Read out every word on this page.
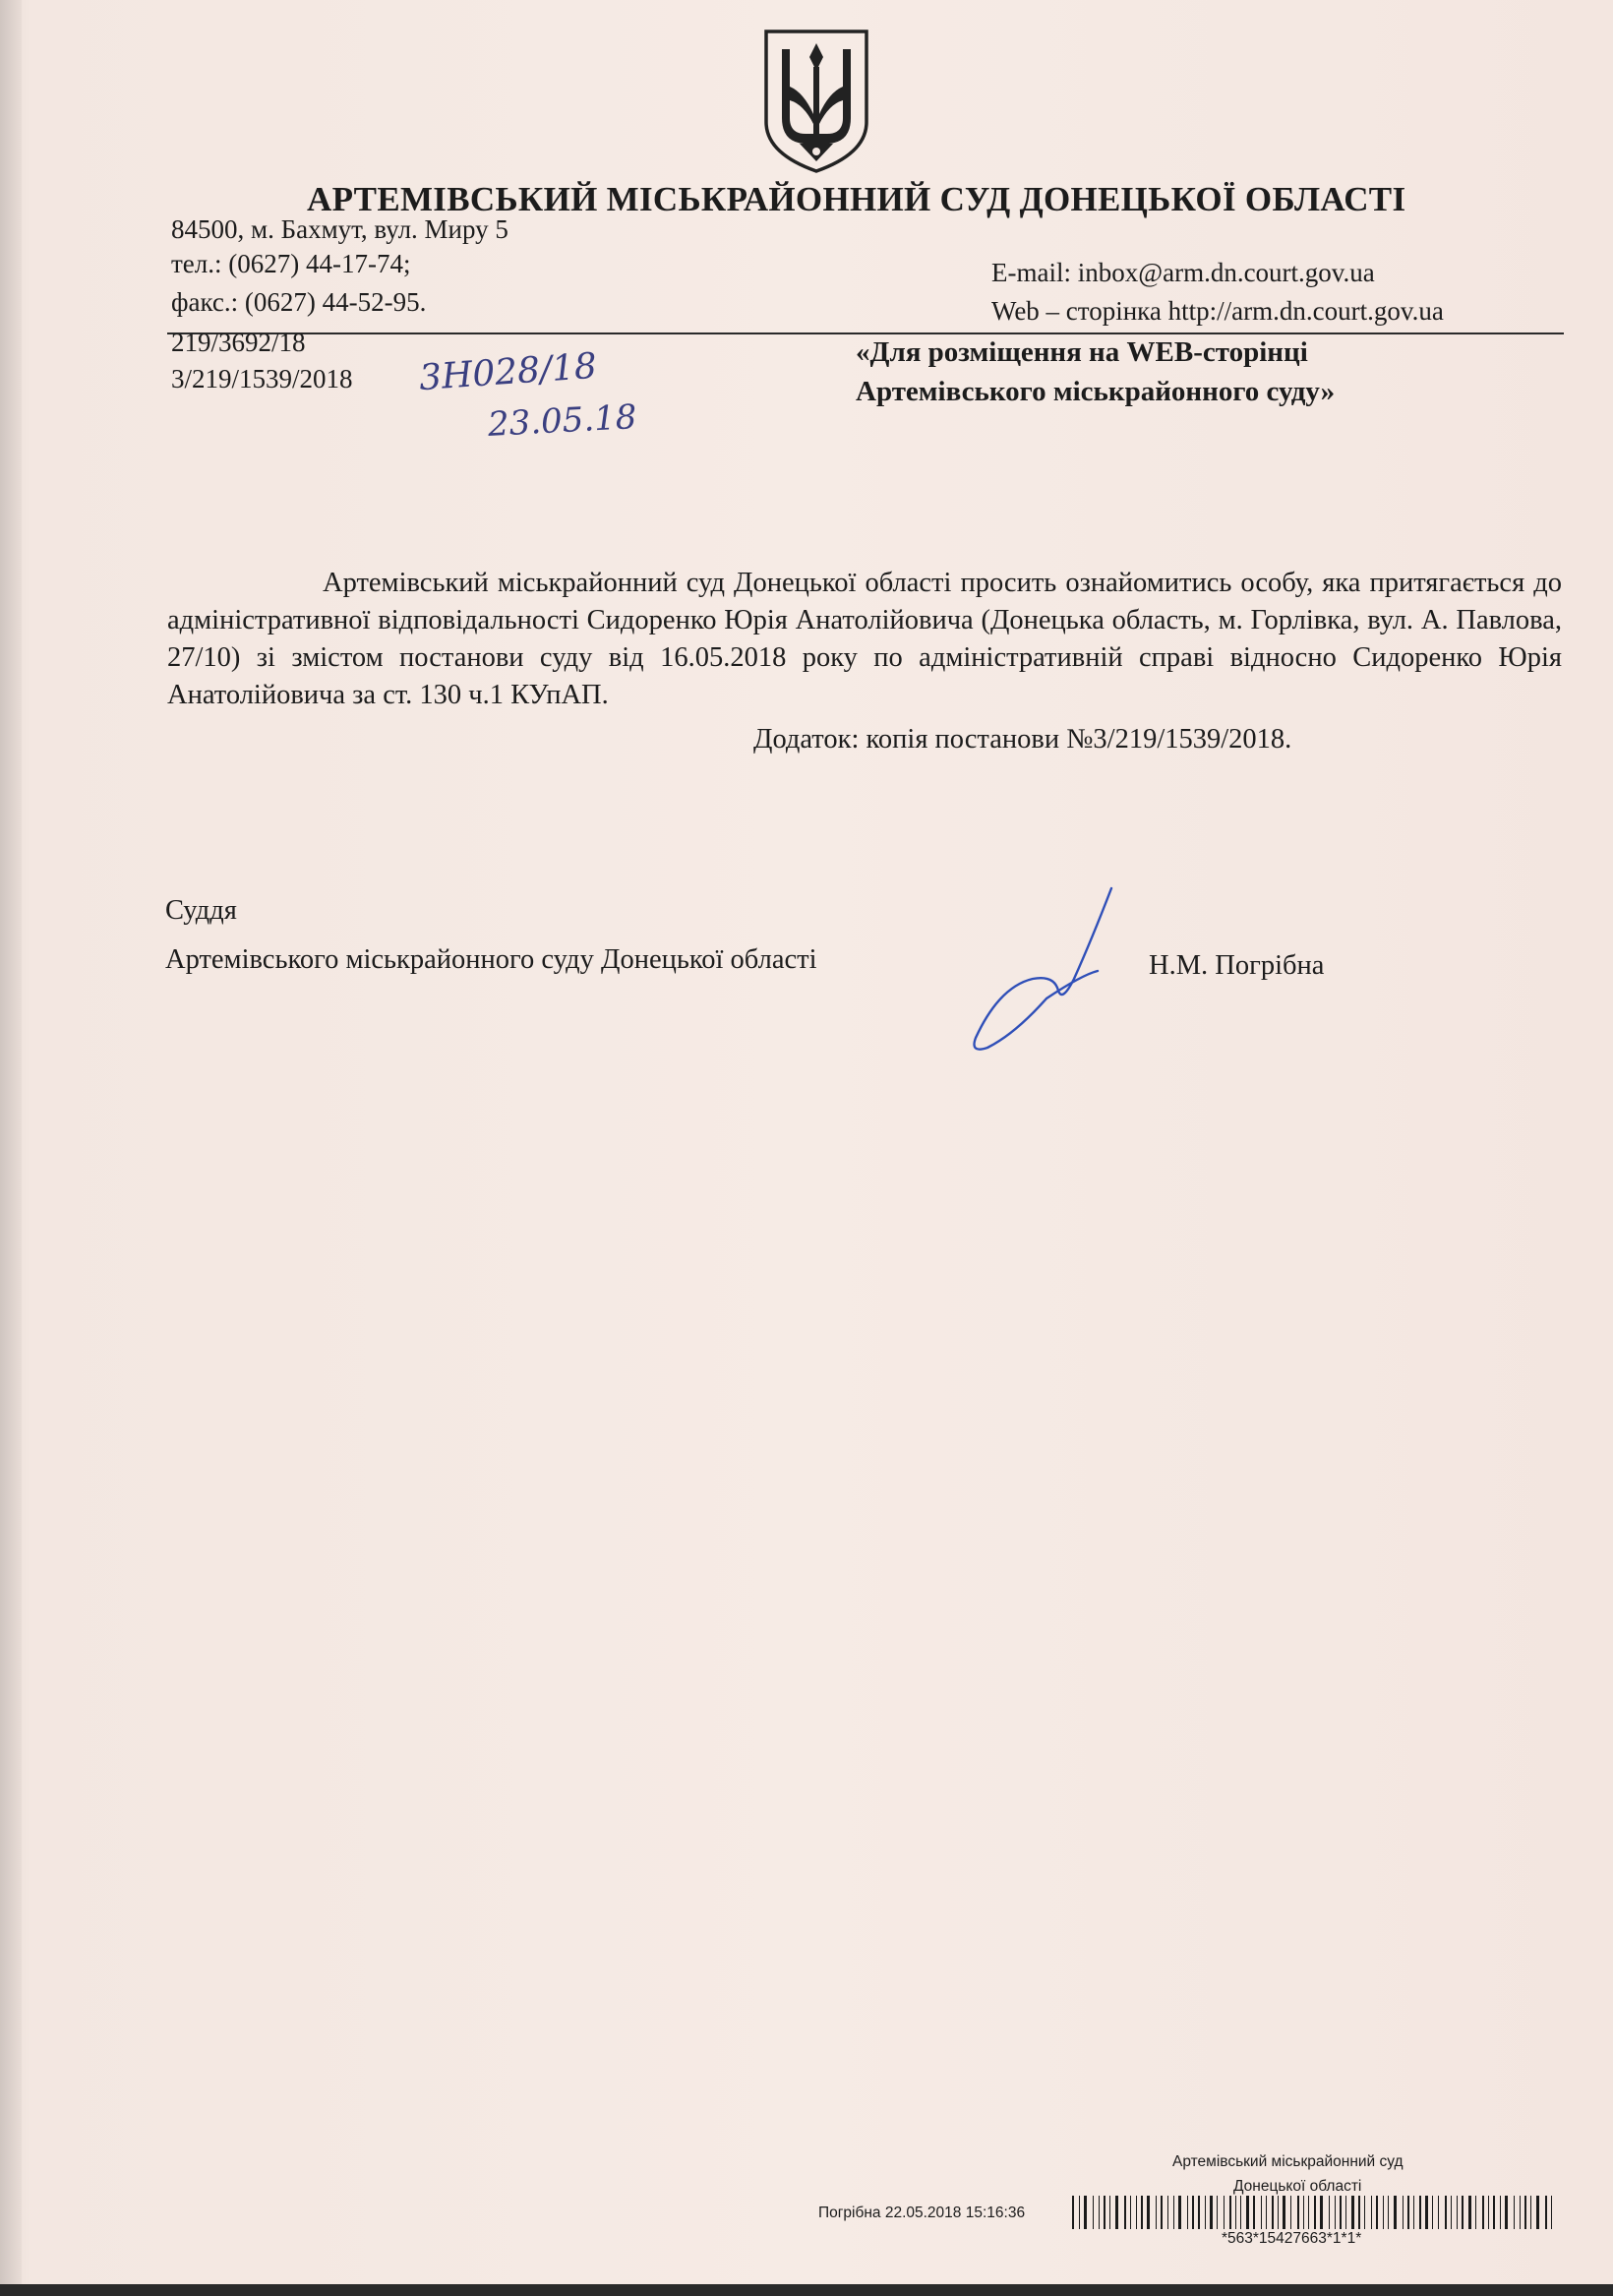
АРТЕМІВСЬКИЙ МІСЬКРАЙОННИЙ СУД ДОНЕЦЬКОЇ ОБЛАСТІ
84500, м. Бахмут, вул. Миру 5
тел.: (0627) 44-17-74;
факс.: (0627) 44-52-95.
E-mail: inbox@arm.dn.court.gov.ua
Web – сторінка http://arm.dn.court.gov.ua
219/3692/18
3/219/1539/2018 3Н028/18
23.05.18
«Для розміщення на WEB-сторінці
Артемівського міськрайонного суду»
Артемівський міськрайонний суд Донецької області просить ознайомитись особу, яка притягається до адміністративної відповідальності Сидоренко Юрія Анатолійовича (Донецька область, м. Горлівка, вул. А. Павлова, 27/10) зі змістом постанови суду від 16.05.2018 року по адміністративній справі відносно Сидоренко Юрія Анатолійовича за ст. 130 ч.1 КУпАП.
Додаток: копія постанови №3/219/1539/2018.
Суддя
Артемівського міськрайонного суду Донецької області	Н.М. Погрібна
Артемівський міськрайонний суд
Донецької області
Погрібна 22.05.2018 15:16:36
*563*15427663*1*1*
